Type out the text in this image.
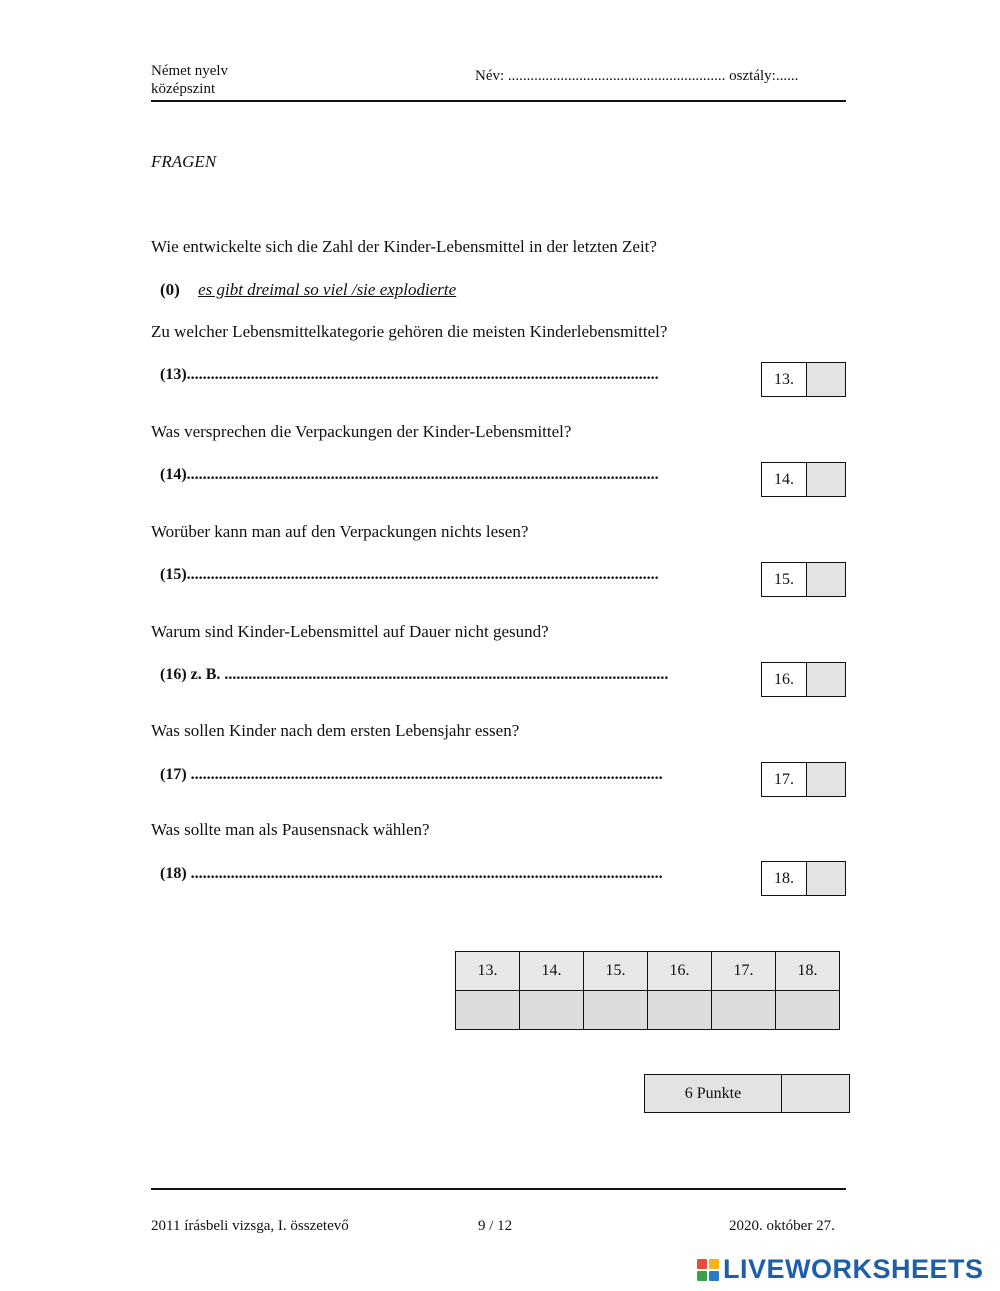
Német nyelv
középszint
Név: .......................................................... osztály:......
FRAGEN
Wie entwickelte sich die Zahl der Kinder-Lebensmittel in der letzten Zeit?
(0) es gibt dreimal so viel /sie explodierte
Zu welcher Lebensmittelkategorie gehören die meisten Kinderlebensmittel?
(13)......................................................................................................................	13.
Was versprechen die Verpackungen der Kinder-Lebensmittel?
(14)......................................................................................................................	14.
Worüber kann man auf den Verpackungen nichts lesen?
(15)......................................................................................................................	15.
Warum sind Kinder-Lebensmittel auf Dauer nicht gesund?
(16) z. B. ...............................................................................................................	16.
Was sollen Kinder nach dem ersten Lebensjahr essen?
(17) ......................................................................................................................	17.
Was sollte man als Pausensnack wählen?
(18) ......................................................................................................................	18.
13.	14.	15.	16.	17.	18.

6 Punkte
2011 írásbeli vizsga, I. összetevő	9 / 12	2020. október 27.
LIVEWORKSHEETS
